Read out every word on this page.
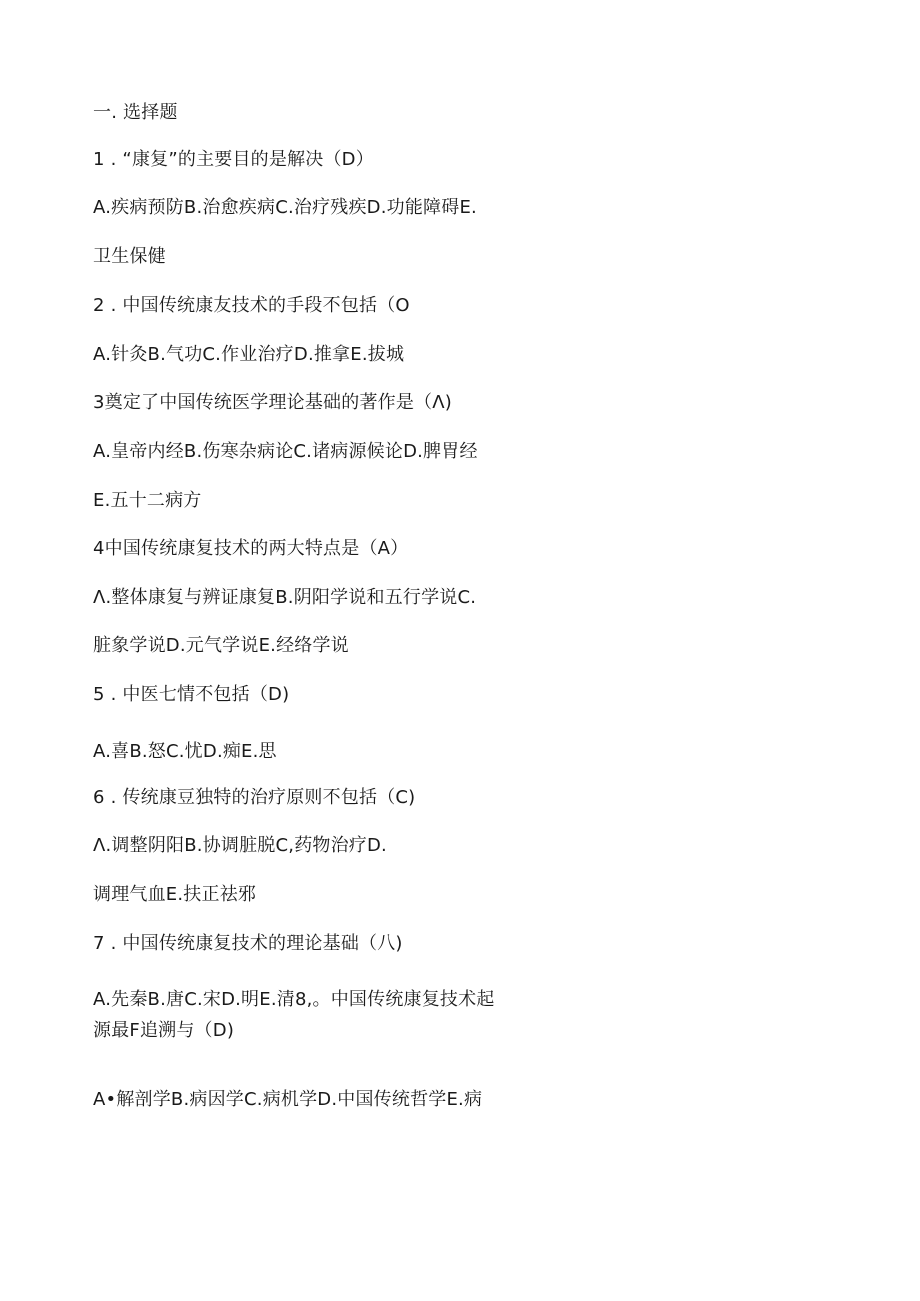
一. 选择题
1 . “康复”的主要目的是解决（D）
A.疾病预防B.治愈疾病C.治疗残疾D.功能障碍E.
卫生保健
2 . 中国传统康友技术的手段不包括（O
A.针灸B.气功C.作业治疗D.推拿E.拔城
3奠定了中国传统医学理论基础的著作是（Λ)
A.皇帝内经B.伤寒杂病论C.诸病源候论D.脾胃经
E.五十二病方
4中国传统康复技术的两大特点是（A）
Λ.整体康复与辨证康复B.阴阳学说和五行学说C.
脏象学说D.元气学说E.经络学说
5 . 中医七情不包括（D)
A.喜B.怒C.忧D.痴E.思
6 . 传统康豆独特的治疗原则不包括（C)
Λ.调整阴阳B.协调脏脱C,药物治疗D.
调理气血E.扶正祛邪
7 . 中国传统康复技术的理论基础（八)
A.先秦B.唐C.宋D.明E.清8,。中国传统康复技术起
源最F追溯与（D)
A•解剖学B.病因学C.病机学D.中国传统哲学E.病
